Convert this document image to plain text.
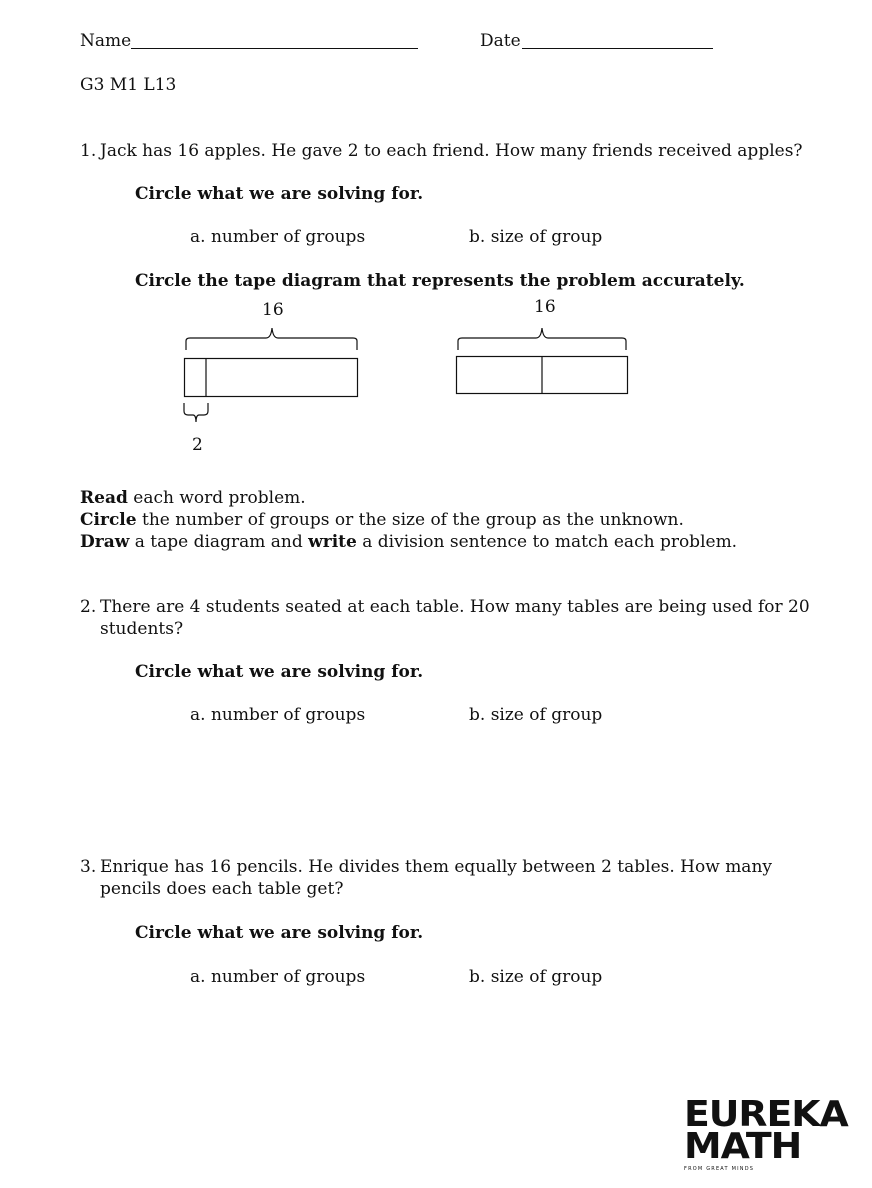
Name	Date
G3 M1 L13
1. Jack has 16 apples. He gave 2 to each friend. How many friends received apples?
Circle what we are solving for.
a. number of groups	b. size of group
Circle the tape diagram that represents the problem accurately.
16
2
16
Read each word problem.
Circle the number of groups or the size of the group as the unknown.
Draw a tape diagram and write a division sentence to match each problem.
2. There are 4 students seated at each table. How many tables are being used for 20
students?
Circle what we are solving for.
a. number of groups	b. size of group
3. Enrique has 16 pencils. He divides them equally between 2 tables. How many
pencils does each table get?
Circle what we are solving for.
a. number of groups	b. size of group
EUREKA
MATH
FROM GREAT MINDS
